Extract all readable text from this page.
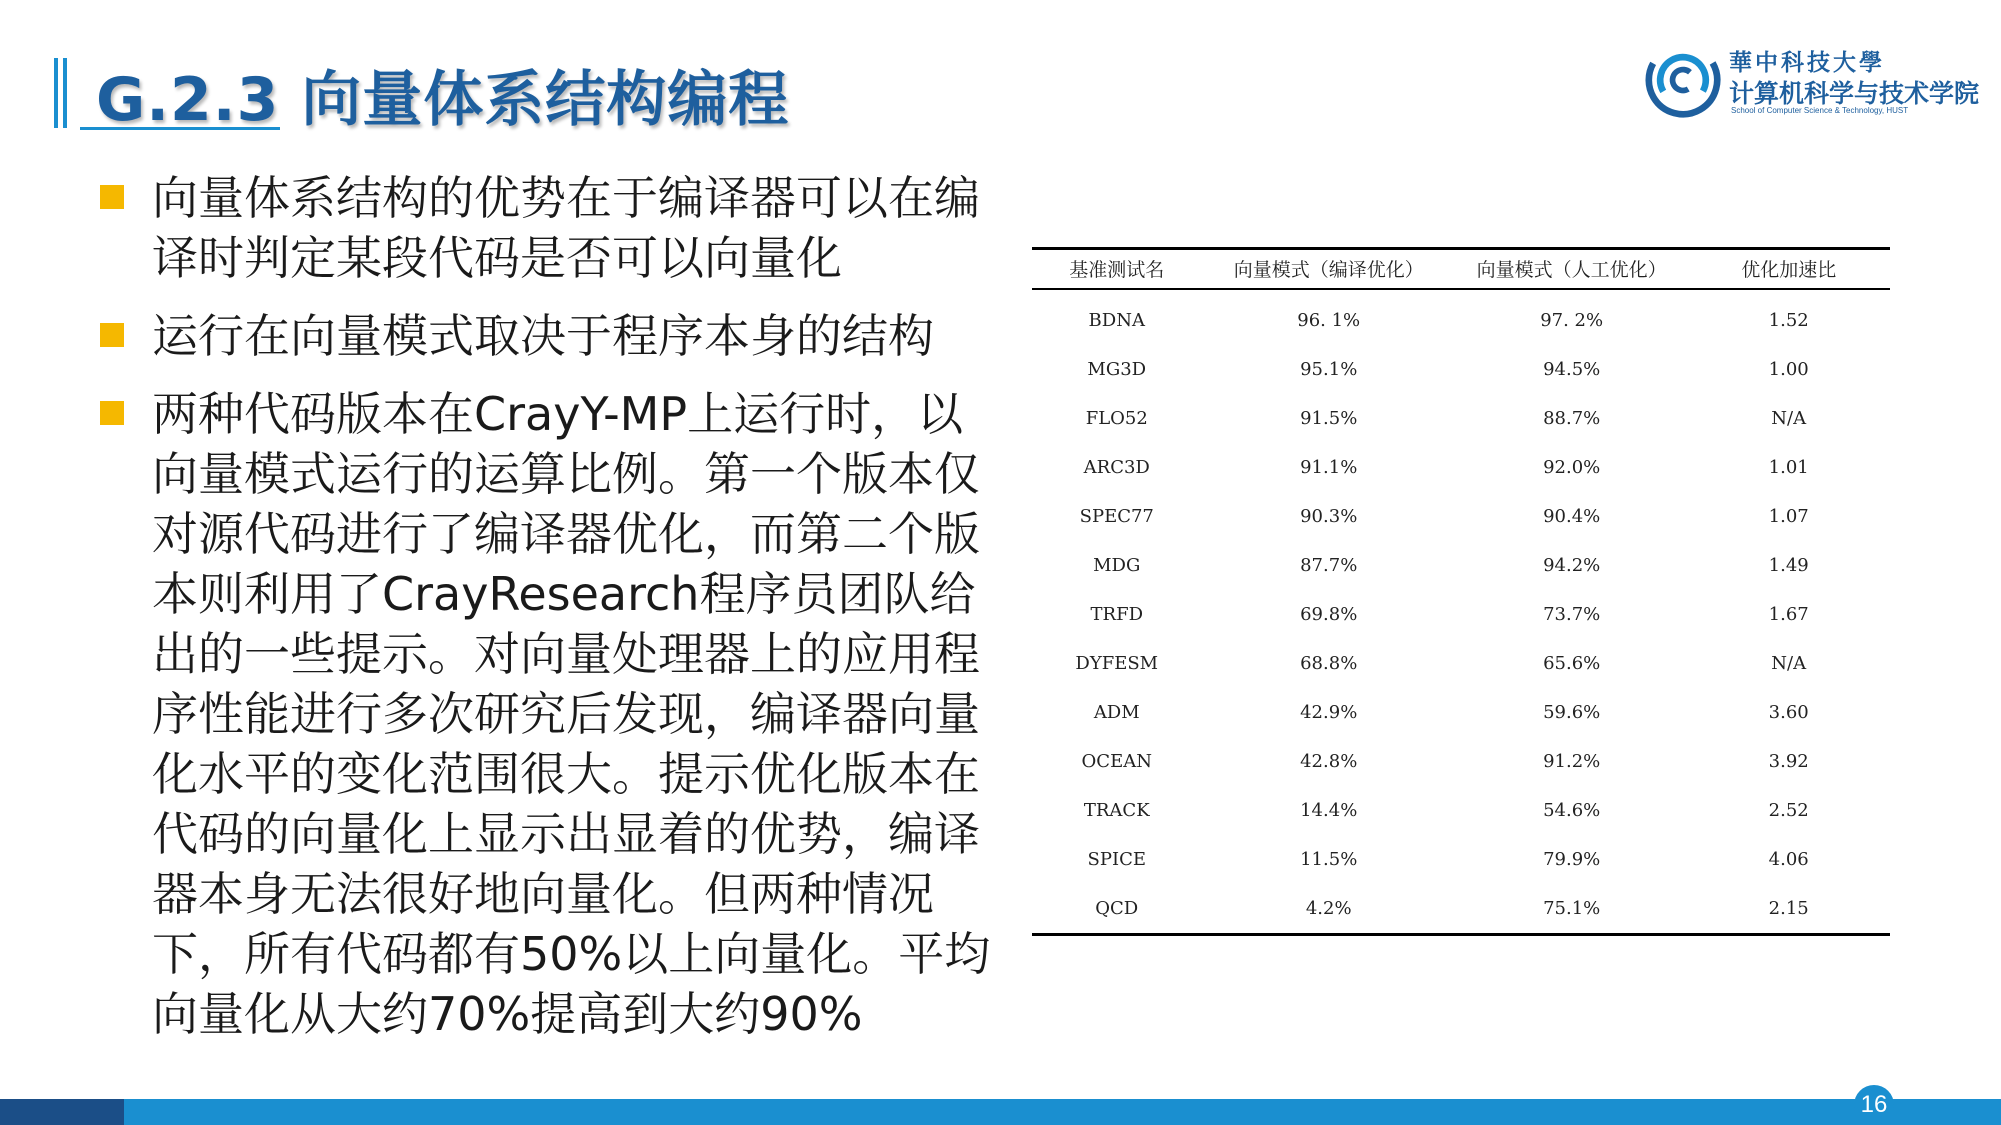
G.2.3 向量体系结构编程
華中科技大學
计算机科学与技术学院
School of Computer Science & Technology, HUST
向量体系结构的优势在于编译器可以在编译时判定某段代码是否可以向量化
运行在向量模式取决于程序本身的结构
两种代码版本在CrayY-MP上运行时，以向量模式运行的运算比例。第一个版本仅对源代码进行了编译器优化，而第二个版本则利用了CrayResearch程序员团队给出的一些提示。对向量处理器上的应用程序性能进行多次研究后发现，编译器向量化水平的变化范围很大。提示优化版本在代码的向量化上显示出显着的优势，编译器本身无法很好地向量化。但两种情况下，所有代码都有50%以上向量化。平均向量化从大约70%提高到大约90%
基准测试名	向量模式（编译优化）	向量模式（人工优化）	优化加速比
BDNA	96. 1%	97. 2%	1.52
MG3D	95.1%	94.5%	1.00
FLO52	91.5%	88.7%	N/A
ARC3D	91.1%	92.0%	1.01
SPEC77	90.3%	90.4%	1.07
MDG	87.7%	94.2%	1.49
TRFD	69.8%	73.7%	1.67
DYFESM	68.8%	65.6%	N/A
ADM	42.9%	59.6%	3.60
OCEAN	42.8%	91.2%	3.92
TRACK	14.4%	54.6%	2.52
SPICE	11.5%	79.9%	4.06
QCD	4.2%	75.1%	2.15
16
